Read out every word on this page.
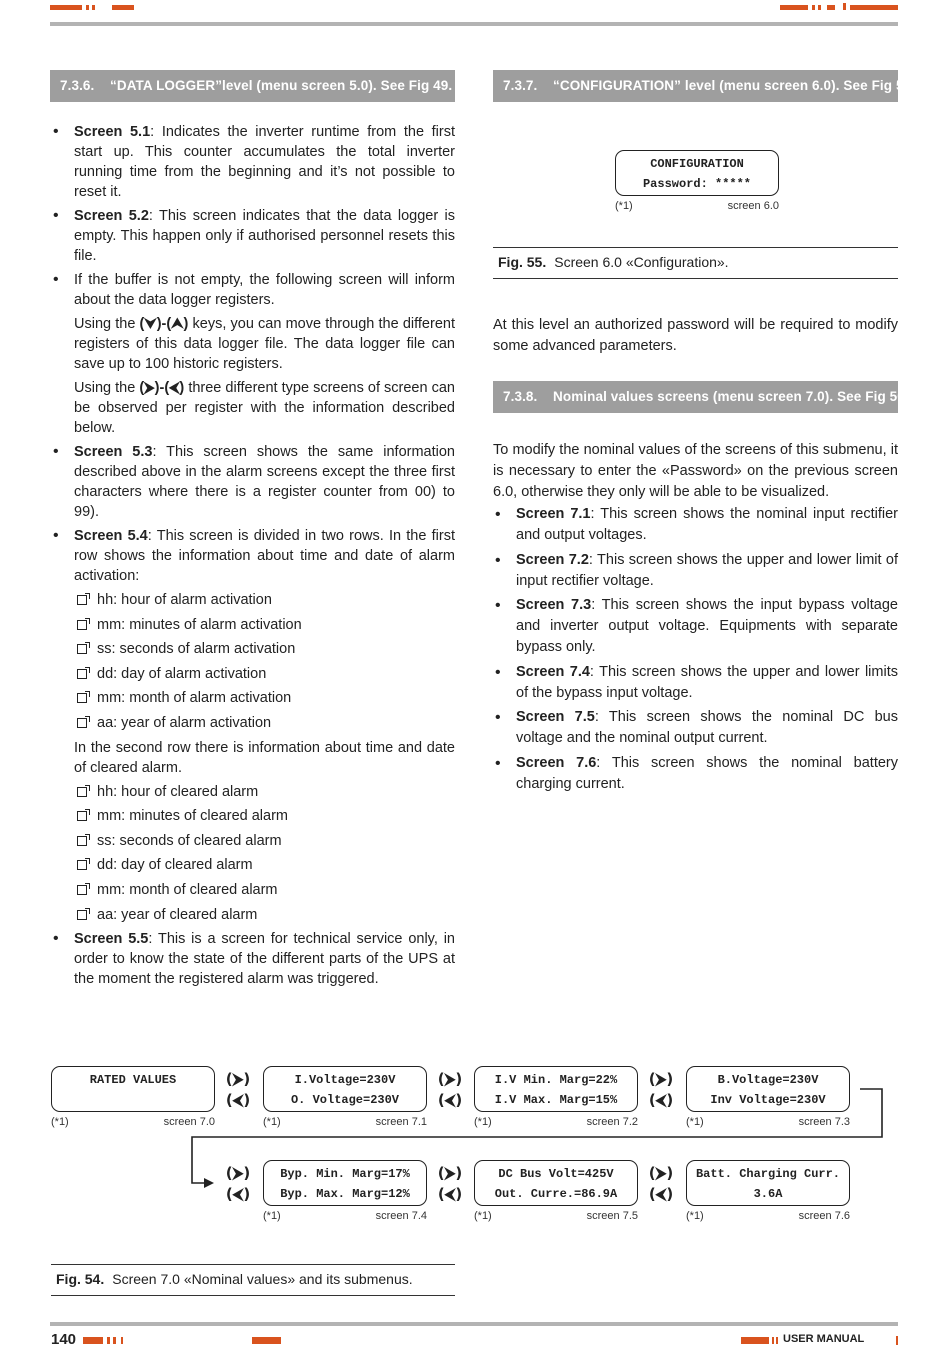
7.3.6. “DATA LOGGER”level (menu screen 5.0). See Fig 49.	7.3.7. “CONFIGURATION” level (menu screen 6.0). See Fig 51.
7.3.8. Nominal values screens (menu screen 7.0). See Fig 50.

• Screen 5.1: Indicates the inverter runtime from the first start up. This counter accumulates the total inverter running time from the beginning and it’s not possible to reset it.

• Screen 5.2: This screen indicates that the data logger is empty. This happen only if authorised personnel resets this file.

• If the buffer is not empty, the following screen will inform about the data logger registers.

Using the (⮟)-(⮝) keys, you can move through the different registers of this data logger file. The data logger file can save up to 100 historic registers.

Using the (⮞)-(⮜) three different type screens of screen can be observed per register with the information described below.

• Screen 5.3: This screen shows the same information described above in the alarm screens except the three first characters where there is a register counter from 00) to 99).

• Screen 5.4: This screen is divided in two rows. In the first row shows the information about time and date of alarm activation:

hh: hour of alarm activation

mm: minutes of alarm activation

ss: seconds of alarm activation

dd: day of alarm activation

mm: month of alarm activation

aa: year of alarm activation

In the second row there is information about time and date of cleared alarm.

hh: hour of cleared alarm

mm: minutes of cleared alarm

ss: seconds of cleared alarm

dd: day of cleared alarm

mm: month of cleared alarm

aa: year of cleared alarm

• Screen 5.5: This is a screen for technical service only, in order to know the state of the different parts of the UPS at the moment the registered alarm was triggered.

CONFIGURATION
Password: *****
(*1)	screen 6.0
Fig. 55. Screen 6.0 «Configuration».

At this level an authorized password will be required to modify some advanced parameters.

To modify the nominal values of the screens of this submenu, it is necessary to enter the «Password» on the previous screen 6.0, otherwise they only will be able to be visualized.

• Screen 7.1: This screen shows the nominal input rectifier and output voltages.

• Screen 7.2: This screen shows the upper and lower limit of input rectifier voltage.

• Screen 7.3: This screen shows the input bypass voltage and inverter output voltage. Equipments with separate bypass only.

• Screen 7.4: This screen shows the upper and lower limits of the bypass input voltage.

• Screen 7.5: This screen shows the nominal DC bus voltage and the nominal output current.

• Screen 7.6: This screen shows the nominal battery charging current.

RATED VALUES
(*1)	screen 7.0
(⮞)
(⮜)
I.Voltage=230V
O. Voltage=230V
(*1)	screen 7.1
(⮞)
(⮜)
I.V Min. Marg=22%
I.V Max. Marg=15%
(*1)	screen 7.2
(⮞)
(⮜)
B.Voltage=230V
Inv Voltage=230V
(*1)	screen 7.3
(⮞)
(⮜)
Byp. Min. Marg=17%
Byp. Max. Marg=12%
(*1)	screen 7.4
(⮞)
(⮜)
DC Bus Volt=425V
Out. Curre.=86.9A
(*1)	screen 7.5
(⮞)
(⮜)
Batt. Charging Curr.
3.6A
(*1)	screen 7.6
Fig. 54. Screen 7.0 «Nominal values» and its submenus.
140	USER MANUAL
